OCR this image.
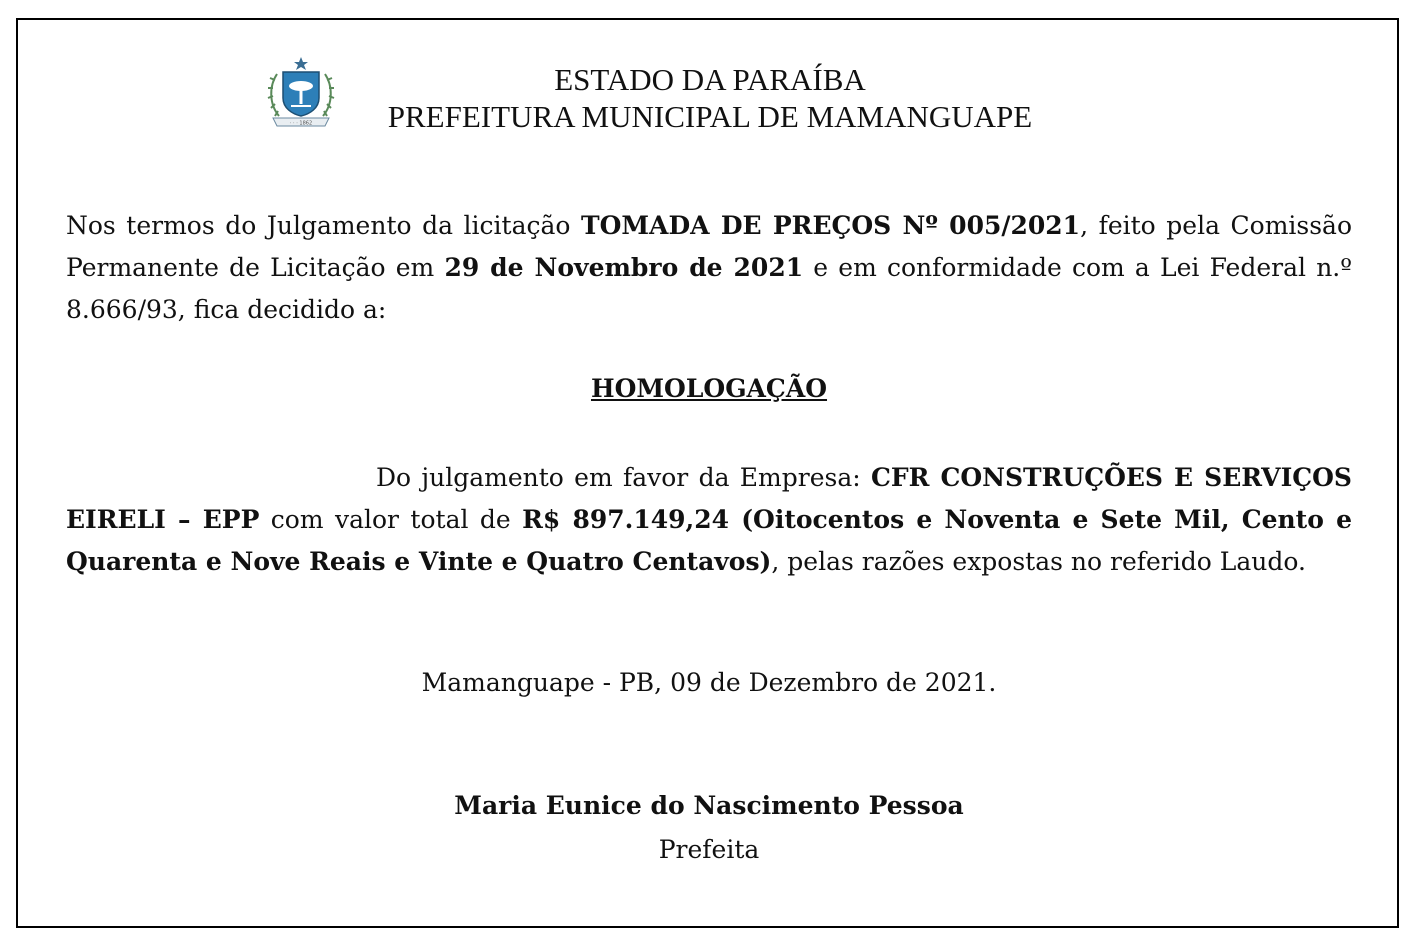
· · · 1862
ESTADO DA PARAÍBA
PREFEITURA MUNICIPAL DE MAMANGUAPE
Nos termos do Julgamento da licitação TOMADA DE PREÇOS Nº 005/2021, feito pela Comissão Permanente de Licitação em 29 de Novembro de 2021 e em conformidade com a Lei Federal n.º 8.666/93, fica decidido a:
HOMOLOGAÇÃO
Do julgamento em favor da Empresa: CFR CONSTRUÇÕES E SERVIÇOS EIRELI – EPP com valor total de R$ 897.149,24 (Oitocentos e Noventa e Sete Mil, Cento e Quarenta e Nove Reais e Vinte e Quatro Centavos), pelas razões expostas no referido Laudo.
Mamanguape - PB, 09 de Dezembro de 2021.
Maria Eunice do Nascimento Pessoa
Prefeita
